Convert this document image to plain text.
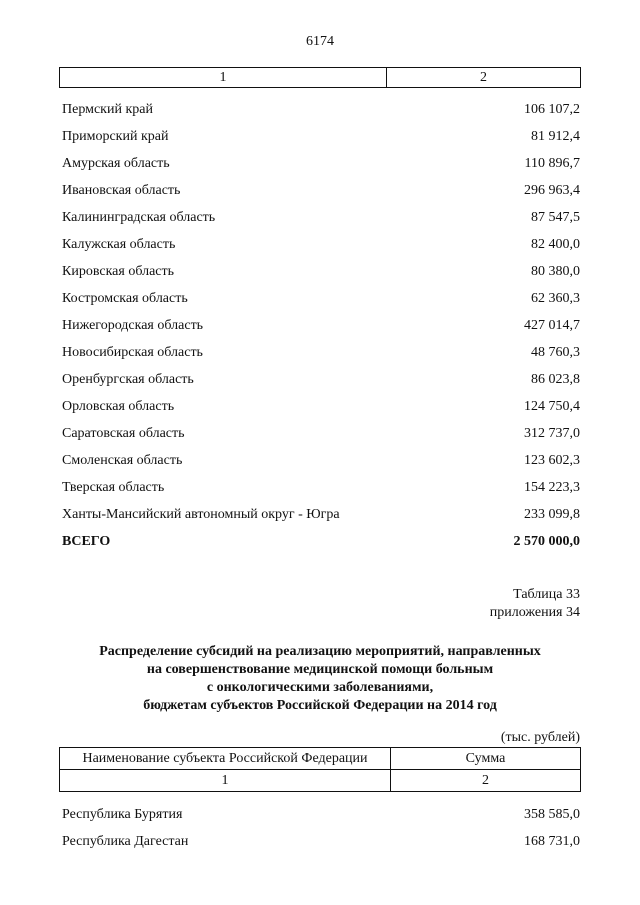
6174
1	2
Пермский край	106 107,2
Приморский край	81 912,4
Амурская область	110 896,7
Ивановская область	296 963,4
Калининградская область	87 547,5
Калужская область	82 400,0
Кировская область	80 380,0
Костромская область	62 360,3
Нижегородская область	427 014,7
Новосибирская область	48 760,3
Оренбургская область	86 023,8
Орловская область	124 750,4
Саратовская область	312 737,0
Смоленская область	123 602,3
Тверская область	154 223,3
Ханты-Мансийский автономный округ - Югра	233 099,8
ВСЕГО	2 570 000,0
Таблица 33
приложения 34
Распределение субсидий на реализацию мероприятий, направленных
на совершенствование медицинской помощи больным
с онкологическими заболеваниями,
бюджетам субъектов Российской Федерации на 2014 год
(тыс. рублей)
Наименование субъекта Российской Федерации	Сумма
1	2
Республика Бурятия	358 585,0
Республика Дагестан	168 731,0
